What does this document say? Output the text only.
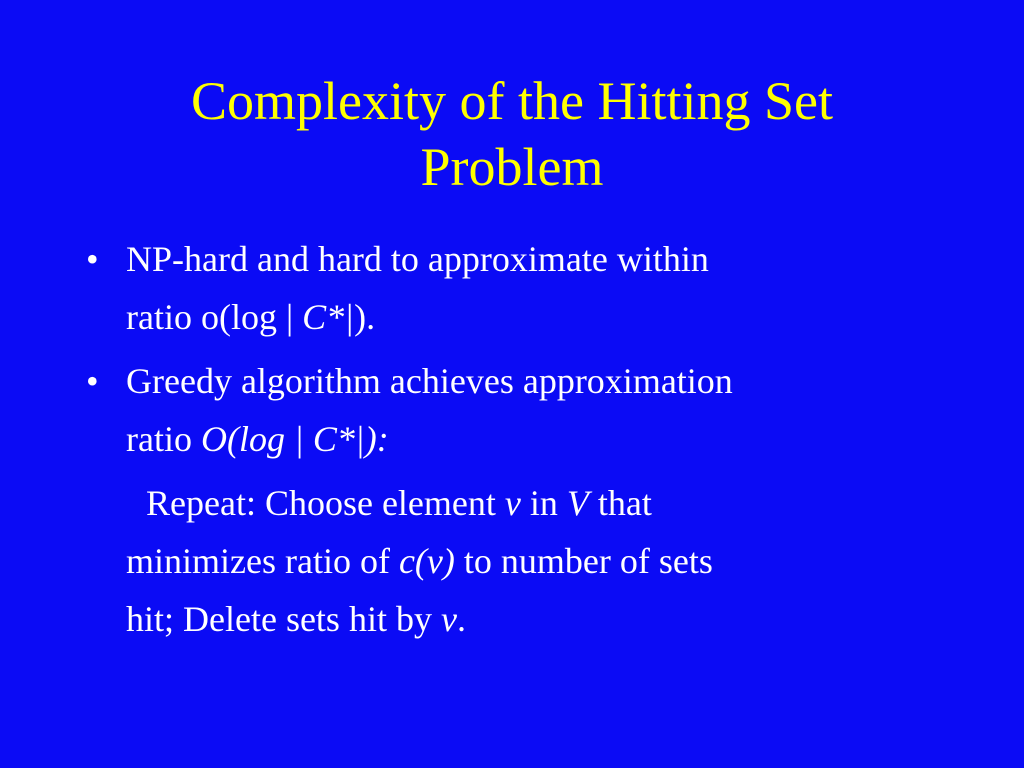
Complexity of the Hitting Set
Problem
• NP-hard and hard to approximate within
ratio o(log | C*|).
• Greedy algorithm achieves approximation
ratio O(log | C*|):
Repeat: Choose element v in V that
minimizes ratio of c(v) to number of sets
hit; Delete sets hit by v.
